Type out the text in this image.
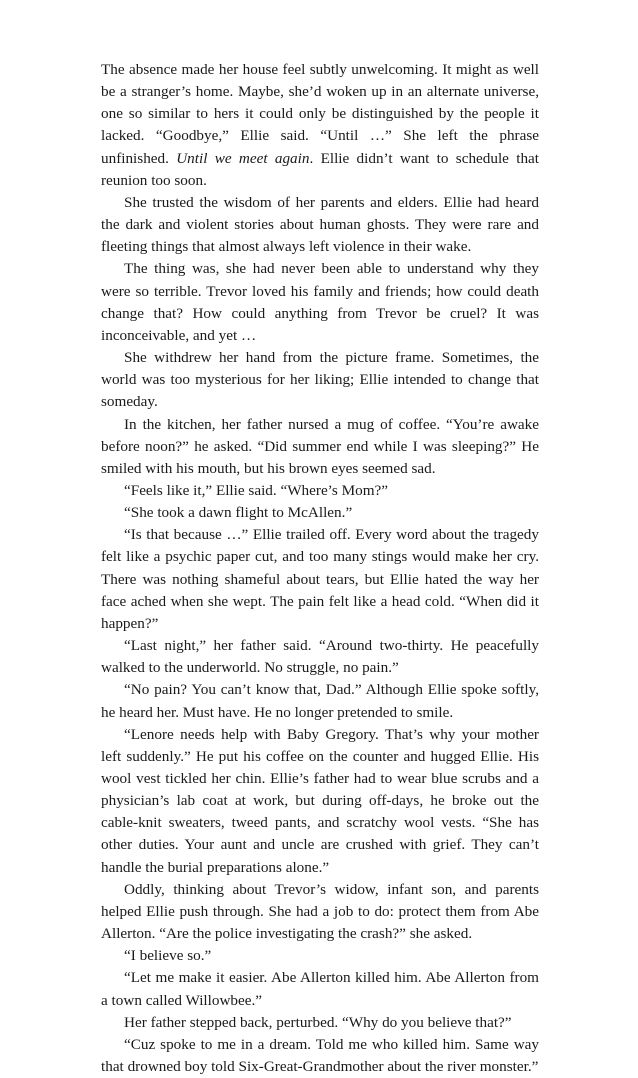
The absence made her house feel subtly unwelcoming. It might as well be a stranger’s home. Maybe, she’d woken up in an alternate universe, one so similar to hers it could only be distinguished by the people it lacked. “Goodbye,” Ellie said. “Until …” She left the phrase unfinished. Until we meet again. Ellie didn’t want to schedule that reunion too soon.

She trusted the wisdom of her parents and elders. Ellie had heard the dark and violent stories about human ghosts. They were rare and fleeting things that almost always left violence in their wake.

The thing was, she had never been able to understand why they were so terrible. Trevor loved his family and friends; how could death change that? How could anything from Trevor be cruel? It was inconceivable, and yet …

She withdrew her hand from the picture frame. Sometimes, the world was too mysterious for her liking; Ellie intended to change that someday.

In the kitchen, her father nursed a mug of coffee. “You’re awake before noon?” he asked. “Did summer end while I was sleeping?” He smiled with his mouth, but his brown eyes seemed sad.

“Feels like it,” Ellie said. “Where’s Mom?”

“She took a dawn flight to McAllen.”

“Is that because …” Ellie trailed off. Every word about the tragedy felt like a psychic paper cut, and too many stings would make her cry. There was nothing shameful about tears, but Ellie hated the way her face ached when she wept. The pain felt like a head cold. “When did it happen?”

“Last night,” her father said. “Around two-thirty. He peacefully walked to the underworld. No struggle, no pain.”

“No pain? You can’t know that, Dad.” Although Ellie spoke softly, he heard her. Must have. He no longer pretended to smile.

“Lenore needs help with Baby Gregory. That’s why your mother left suddenly.” He put his coffee on the counter and hugged Ellie. His wool vest tickled her chin. Ellie’s father had to wear blue scrubs and a physician’s lab coat at work, but during off-days, he broke out the cable-knit sweaters, tweed pants, and scratchy wool vests. “She has other duties. Your aunt and uncle are crushed with grief. They can’t handle the burial preparations alone.”

Oddly, thinking about Trevor’s widow, infant son, and parents helped Ellie push through. She had a job to do: protect them from Abe Allerton. “Are the police investigating the crash?” she asked.

“I believe so.”

“Let me make it easier. Abe Allerton killed him. Abe Allerton from a town called Willowbee.”

Her father stepped back, perturbed. “Why do you believe that?”

“Cuz spoke to me in a dream. Told me who killed him. Same way that drowned boy told Six-Great-Grandmother about the river monster.”
